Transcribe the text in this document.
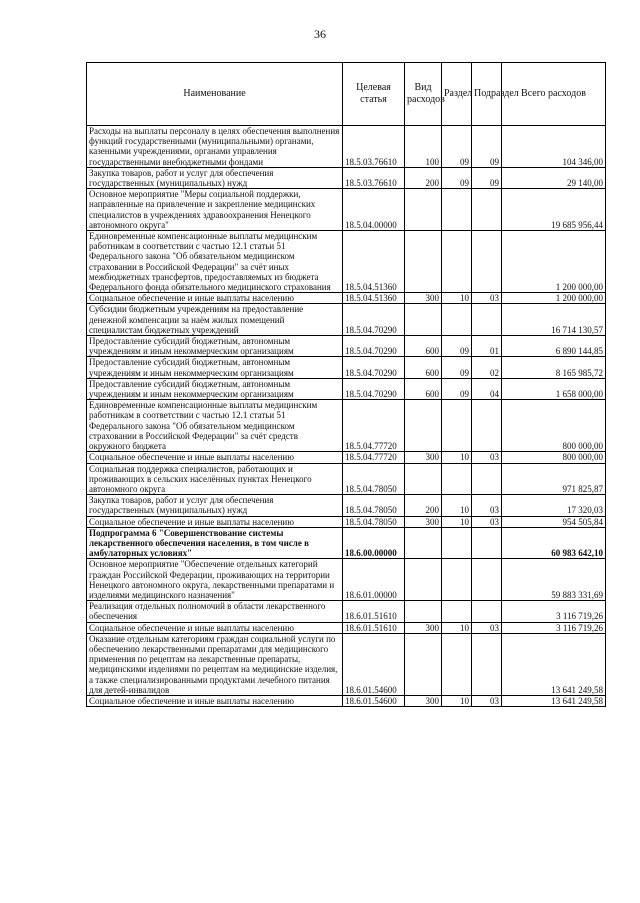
36
Наименование	Целевая статья	Вид расходов	Раздел	Подраздел	Всего расходов
Расходы на выплаты персоналу в целях обеспечения выполнения функций государственными (муниципальными) органами, казенными учреждениями, органами управления государственными внебюджетными фондами	18.5.03.76610	100	09	09	104 346,00
Закупка товаров, работ и услуг для обеспечения государственных (муниципальных) нужд	18.5.03.76610	200	09	09	29 140,00
Основное мероприятие "Меры социальной поддержки, направленные на привлечение и закрепление медицинских специалистов в учреждениях здравоохранения Ненецкого автономного округа"	18.5.04.00000				19 685 956,44
Единовременные компенсационные выплаты медицинским работникам в соответствии с частью 12.1 статьи 51 Федерального закона "Об обязательном медицинском страховании в Российской Федерации" за счёт иных межбюджетных трансфертов, предоставляемых из бюджета Федерального фонда обязательного медицинского страхования	18.5.04.51360				1 200 000,00
Социальное обеспечение и иные выплаты населению	18.5.04.51360	300	10	03	1 200 000,00
Субсидии бюджетным учреждениям на предоставление денежной компенсации за наём жилых помещений специалистам бюджетных учреждений	18.5.04.70290				16 714 130,57
Предоставление субсидий бюджетным, автономным учреждениям и иным некоммерческим организациям	18.5.04.70290	600	09	01	6 890 144,85
Предоставление субсидий бюджетным, автономным учреждениям и иным некоммерческим организациям	18.5.04.70290	600	09	02	8 165 985,72
Предоставление субсидий бюджетным, автономным учреждениям и иным некоммерческим организациям	18.5.04.70290	600	09	04	1 658 000,00
Единовременные компенсационные выплаты медицинским работникам в соответствии с частью 12.1 статьи 51 Федерального закона "Об обязательном медицинском страховании в Российской Федерации" за счёт средств окружного бюджета	18.5.04.77720				800 000,00
Социальное обеспечение и иные выплаты населению	18.5.04.77720	300	10	03	800 000,00
Социальная поддержка специалистов, работающих и проживающих в сельских населённых пунктах Ненецкого автономного округа	18.5.04.78050				971 825,87
Закупка товаров, работ и услуг для обеспечения государственных (муниципальных) нужд	18.5.04.78050	200	10	03	17 320,03
Социальное обеспечение и иные выплаты населению	18.5.04.78050	300	10	03	954 505,84
Подпрограмма 6 "Совершенствование системы лекарственного обеспечения населения, в том числе в амбулаторных условиях"	18.6.00.00000				60 983 642,10
Основное мероприятие "Обеспечение отдельных категорий граждан Российской Федерации, проживающих на территории Ненецкого автономного округа, лекарственными препаратами и изделиями медицинского назначения"	18.6.01.00000				59 883 331,69
Реализация отдельных полномочий в области лекарственного обеспечения	18.6.01.51610				3 116 719,26
Социальное обеспечение и иные выплаты населению	18.6.01.51610	300	10	03	3 116 719,26
Оказание отдельным категориям граждан социальной услуги по обеспечению лекарственными препаратами для медицинского применения по рецептам на лекарственные препараты, медицинскими изделиями по рецептам на медицинские изделия, а также специализированными продуктами лечебного питания для детей-инвалидов	18.6.01.54600				13 641 249,58
Социальное обеспечение и иные выплаты населению	18.6.01.54600	300	10	03	13 641 249,58
